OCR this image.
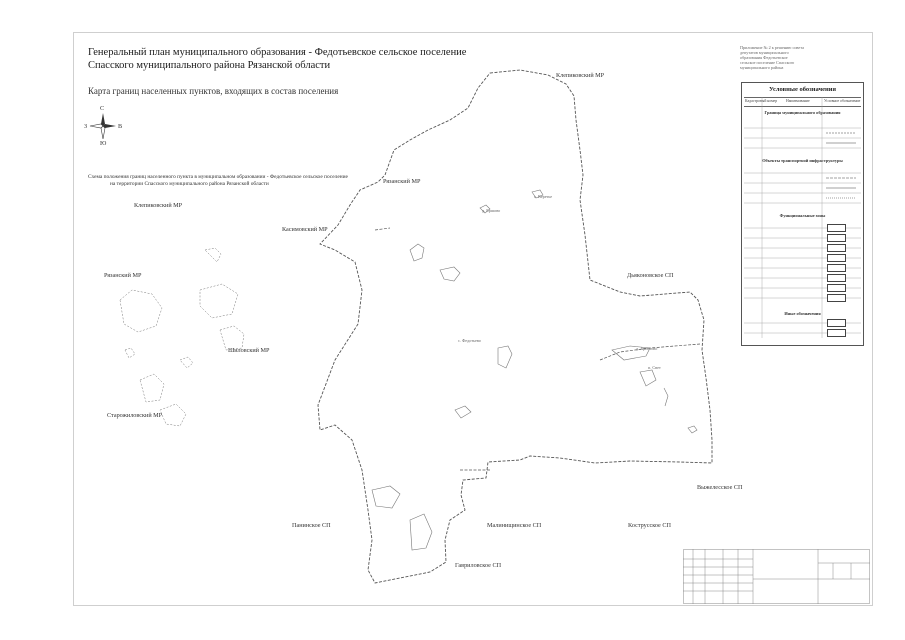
Генеральный план муниципального образования - Федотьевское сельское поселение
Спасского муниципального района Рязанской области
Карта границ населенных пунктов, входящих в состав поселения
Приложение № 2 к решению совета
депутатов муниципального
образования Федотьевское
сельское поселение Спасского
муниципального района
С
Ю
З	В
Схема положения границ населенного пункта в муниципальном образовании - Федотьевское сельское поселение
на территории Спасского муниципального района Рязанской области
с. Веретье
д. Ершово
с. Федотьево
д. Аристово
п. Свет
Клепиковский МР
Рязанский МР
Касимовский МР
Дьяконовское СП
Выжелесское СП
Малинищинское СП	Кострусское СП
Панинское СП
Гавриловское СП
Клепиковский МР
Рязанский МР
Шиловский МР
Старожиловский МР
Условные обозначения
Кадастровый номер Наименование	Условное обозначение
Граница муниципального образования
Объекты транспортной инфраструктуры
Функциональные зоны
Иные обозначения
